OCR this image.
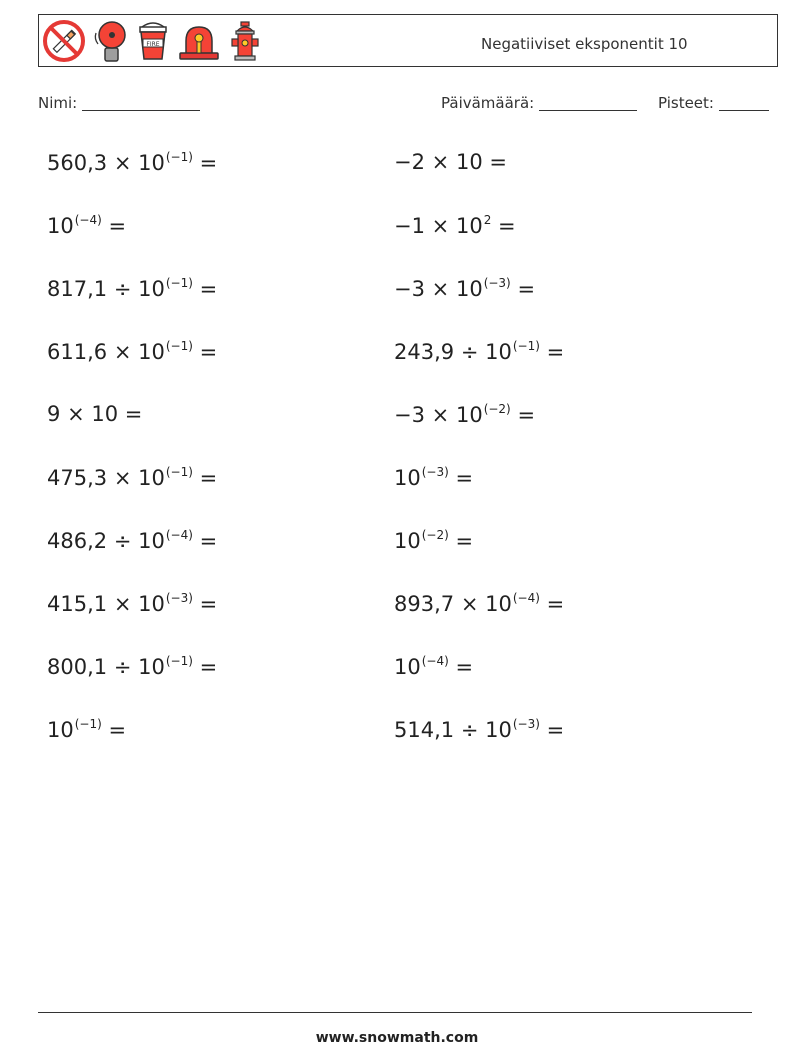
FIRE	Negatiiviset eksponentit 10
Nimi:	Päivämäärä:	Pisteet:
$560,3 \times 10^{(-1)}$ =	−2 × 10 =
$10^{(-4)}$ =	$-1 \times 10^2$ =
$817,1 \div 10^{(-1)}$ =	$-3 \times 10^{(-3)}$ =
$611,6 \times 10^{(-1)}$ =	$243,9 \div 10^{(-1)}$ =
9 × 10 =	$-3 \times 10^{(-2)}$ =
$475,3 \times 10^{(-1)}$ =	$10^{(-3)}$ =
$486,2 \div 10^{(-4)}$ =	$10^{(-2)}$ =
$415,1 \times 10^{(-3)}$ =	$893,7 \times 10^{(-4)}$ =
$800,1 \div 10^{(-1)}$ =	$10^{(-4)}$ =
$10^{(-1)}$ =	$514,1 \div 10^{(-3)}$ =
www.snowmath.com
